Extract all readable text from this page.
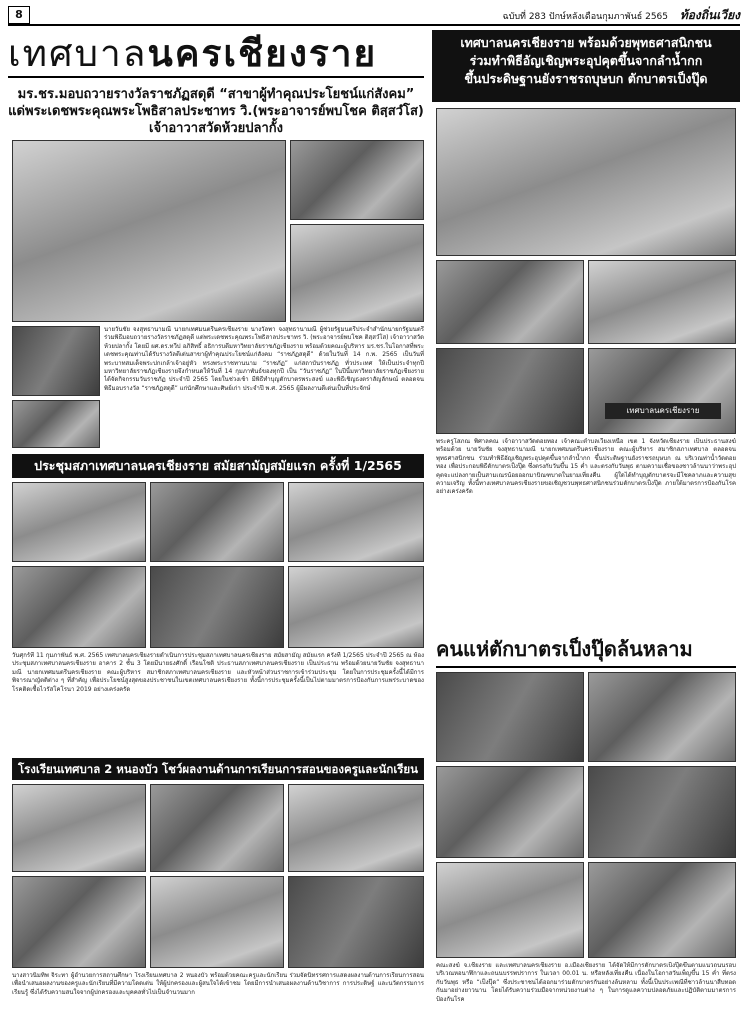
8	ฉบับที่ 283 ปักษ์หลังเดือนกุมภาพันธ์ 2565 ท้องถิ่นเวียง
เทศบาลนครเชียงราย
มร.ชร.มอบถวายรางวัลราชภัฏสดุดี “สาขาผู้ทำคุณประโยชน์แก่สังคม”
แด่พระเดชพระคุณพระโพธิสาลประชาทร วิ.(พระอาจารย์พบโชค ติสฺสวํโส)
เจ้าอาวาสวัดห้วยปลากั้ง
นายวันชัย จงสุทธานามณี นายกเทศมนตรีนครเชียงราย นางวัลพา จงสุทธานามณี ผู้ช่วยรัฐมนตรีประจำสำนักนายกรัฐมนตรี ร่วมพิธีมอบถวายรางวัลราชภัฏสดุดี แด่พระเดชพระคุณพระโพธิสาลประชาทร วิ. (พระอาจารย์พบโชค ติสฺสวํโส) เจ้าอาวาสวัดห้วยปลากั้ง โดยมี ผศ.ดร.ทวีป อภิสิทธิ์ อธิการบดีมหาวิทยาลัยราชภัฏเชียงราย พร้อมด้วยคณะผู้บริหาร มร.ชร.ในโอกาสที่พระเดชพระคุณท่านได้รับรางวัลดีเด่นสาขาผู้ทำคุณประโยชน์แก่สังคม “ราชภัฏสดุดี” ด้วยในวันที่ 14 ก.พ. 2565 เป็นวันที่พระบาทสมเด็จพระปกเกล้าเจ้าอยู่หัว ทรงพระราชทานนาม “ราชภัฏ” แก่สถาบันราชภัฏ ทั่วประเทศ ให้เป็นประจำทุกปี มหาวิทยาลัยราชภัฏเชียงรายจึงกำหนดให้วันที่ 14 กุมภาพันธ์ของทุกปี เป็น “วันราชภัฏ” ในปีนี้มหาวิทยาลัยราชภัฏเชียงรายได้จัดกิจกรรมวันราชภัฏ ประจำปี 2565 โดยในช่วงเช้า มีพิธีทำบุญตักบาตรพระสงฆ์ และพิธีเชิญธงตราสัญลักษณ์ ตลอดจนพิธีมอบรางวัล “ราชภัฏสดุดี” แก่นักศึกษาและศิษย์เก่า ประจำปี พ.ศ. 2565 ผู้มีผลงานดีเด่นเป็นที่ประจักษ์
ประชุมสภาเทศบาลนครเชียงราย สมัยสามัญสมัยแรก ครั้งที่ 1/2565
วันศุกร์ที่ 11 กุมภาพันธ์ พ.ศ. 2565 เทศบาลนครเชียงรายดำเนินการประชุมสภาเทศบาลนครเชียงราย สมัยสามัญ สมัยแรก ครั้งที่ 1/2565 ประจำปี 2565 ณ ห้องประชุมสภาเทศบาลนครเชียงราย อาคาร 2 ชั้น 3 โดยมีนายธงศักดิ์ เรือนโชติ ประธานสภาเทศบาลนครเชียงราย เป็นประธาน พร้อมด้วยนายวันชัย จงสุทธานามณี นายกเทศมนตรีนครเชียงราย คณะผู้บริหาร สมาชิกสภาเทศบาลนครเชียงราย และหัวหน้าส่วนราชการเข้าร่วมประชุม โดยในการประชุมครั้งนี้ได้มีการพิจารณาญัตติต่าง ๆ ที่สำคัญ เพื่อประโยชน์สูงสุดของประชาชนในเขตเทศบาลนครเชียงราย ทั้งนี้การประชุมครั้งนี้เป็นไปตามมาตรการป้องกันการแพร่ระบาดของโรคติดเชื้อไวรัสโคโรนา 2019 อย่างเคร่งครัด
โรงเรียนเทศบาล 2 หนองบัว โชว์ผลงานด้านการเรียนการสอนของครูและนักเรียน
นางสาวนิ่มทิพ จิระทา ผู้อำนวยการสถานศึกษา โรงเรียนเทศบาล 2 หนองบัว พร้อมด้วยคณะครูและนักเรียน ร่วมจัดนิทรรศการแสดงผลงานด้านการเรียนการสอน เพื่อนำเสนอผลงานของครูและนักเรียนที่มีความโดดเด่น ให้ผู้ปกครองและผู้สนใจได้เข้าชม โดยมีการนำเสนอผลงานด้านวิชาการ การประดิษฐ์ และนวัตกรรมการเรียนรู้ ซึ่งได้รับความสนใจจากผู้ปกครองและบุคคลทั่วไปเป็นจำนวนมาก
เทศบาลนครเชียงราย พร้อมด้วยพุทธศาสนิกชน
ร่วมทำพิธีอัญเชิญพระอุปคุตขึ้นจากลำน้ำกก
ขึ้นประดิษฐานยังราชรถบุษบก ตักบาตรเป็งปุ๊ด
เทศบาลนครเชียงราย
พระครูโสภณ พิศาลคณ เจ้าอาวาสวัดดอยทอง เจ้าคณะตำบลเวียงเหนือ เขต 1 จังหวัดเชียงราย เป็นประธานสงฆ์ พร้อมด้วย นายวันชัย จงสุทธานามณี นายกเทศมนตรีนครเชียงราย คณะผู้บริหาร สมาชิกสภาเทศบาล ตลอดจนพุทธศาสนิกชน ร่วมทำพิธีอัญเชิญพระอุปคุตขึ้นจากลำน้ำกก ขึ้นประดิษฐานยังราชรถบุษบก ณ บริเวณท่าน้ำวัดดอยทอง เพื่อประกอบพิธีตักบาตรเป็งปุ๊ด ซึ่งตรงกับวันขึ้น 15 ค่ำ และตรงกับวันพุธ ตามความเชื่อของชาวล้านนาว่าพระอุปคุตจะแปลงกายเป็นสามเณรน้อยออกมาบิณฑบาตในยามเที่ยงคืน ผู้ใดได้ทำบุญตักบาตรจะมีโชคลาภและความสุขความเจริญ ทั้งนี้ทางเทศบาลนครเชียงรายขอเชิญชวนพุทธศาสนิกชนร่วมตักบาตรเป็งปุ๊ด ภายใต้มาตรการป้องกันโรคอย่างเคร่งครัด
คนแห่ตักบาตรเป็งปุ๊ดล้นหลาม
คณะสงฆ์ จ.เชียงราย และเทศบาลนครเชียงราย อ.เมืองเชียงราย ได้จัดให้มีการตักบาตรเป็งปุ๊ดขึ้นตามแนวถนนรอบบริเวณหอนาฬิกาและถนนบรรพปราการ ในเวลา 00.01 น. หรือหลังเที่ยงคืน เนื่องในโอกาสวันเพ็ญขึ้น 15 ค่ำ ที่ตรงกับวันพุธ หรือ “เป็งปุ๊ด” ซึ่งประชาชนได้ออกมาร่วมตักบาตรกันอย่างล้นหลาม ทั้งนี้เป็นประเพณีที่ชาวล้านนาสืบทอดกันมาอย่างยาวนาน โดยได้รับความร่วมมือจากหน่วยงานต่าง ๆ ในการดูแลความปลอดภัยและปฏิบัติตามมาตรการป้องกันโรค
